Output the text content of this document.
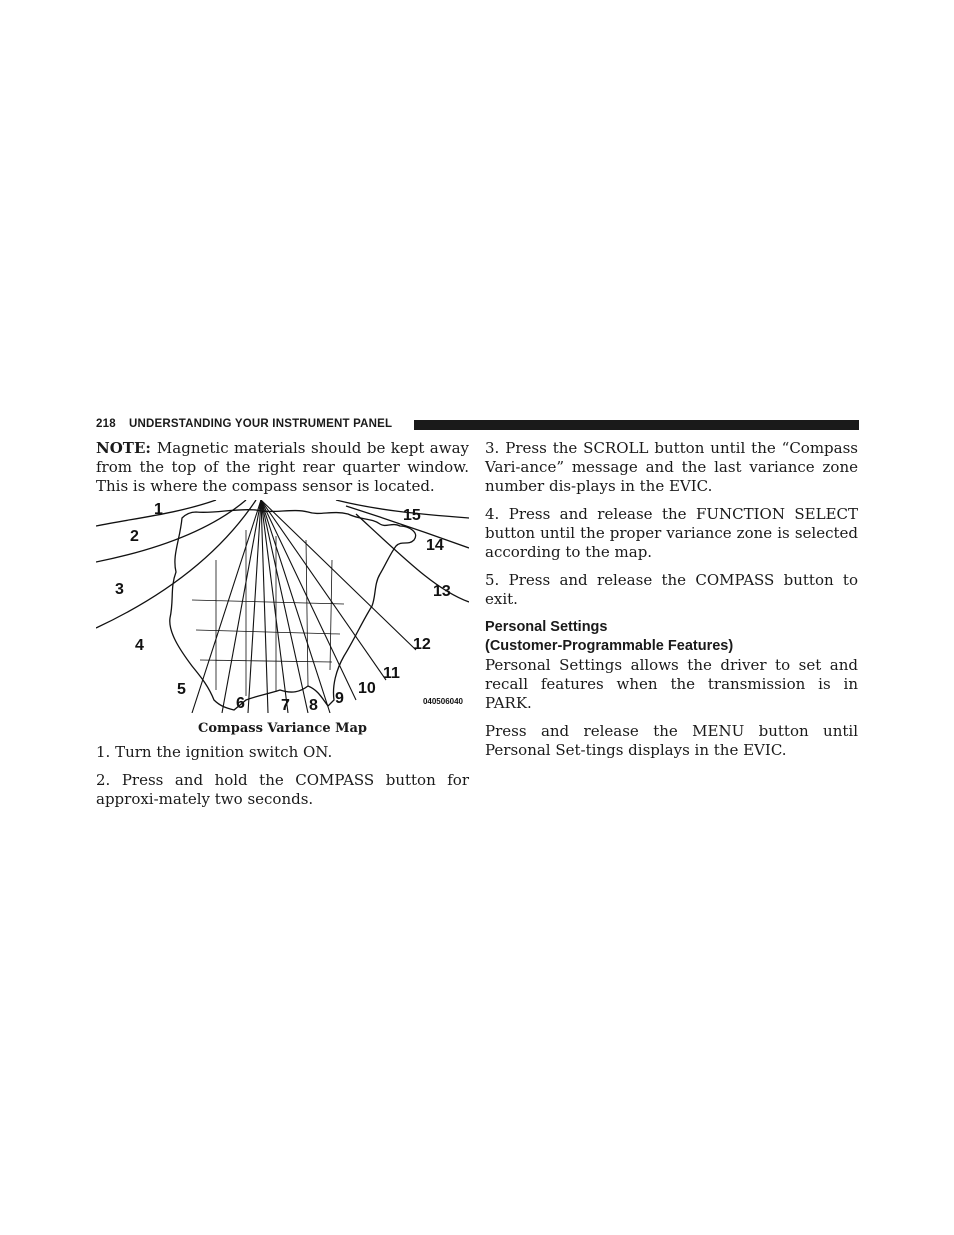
218 UNDERSTANDING YOUR INSTRUMENT PANEL

NOTE: Magnetic materials should be kept away from the top of the right rear quarter window. This is where the compass sensor is located.

1
2
3
4
5
6 7 8 9
10
11
12
13
14
15
040506040
Compass Variance Map

1. Turn the ignition switch ON.

2. Press and hold the COMPASS button for approxi-mately two seconds.

3. Press the SCROLL button until the “Compass Vari-ance” message and the last variance zone number dis-plays in the EVIC.

4. Press and release the FUNCTION SELECT button until the proper variance zone is selected according to the map.

5. Press and release the COMPASS button to exit.

Personal Settings
(Customer-Programmable Features)

Personal Settings allows the driver to set and recall features when the transmission is in PARK.

Press and release the MENU button until Personal Set-tings displays in the EVIC.
